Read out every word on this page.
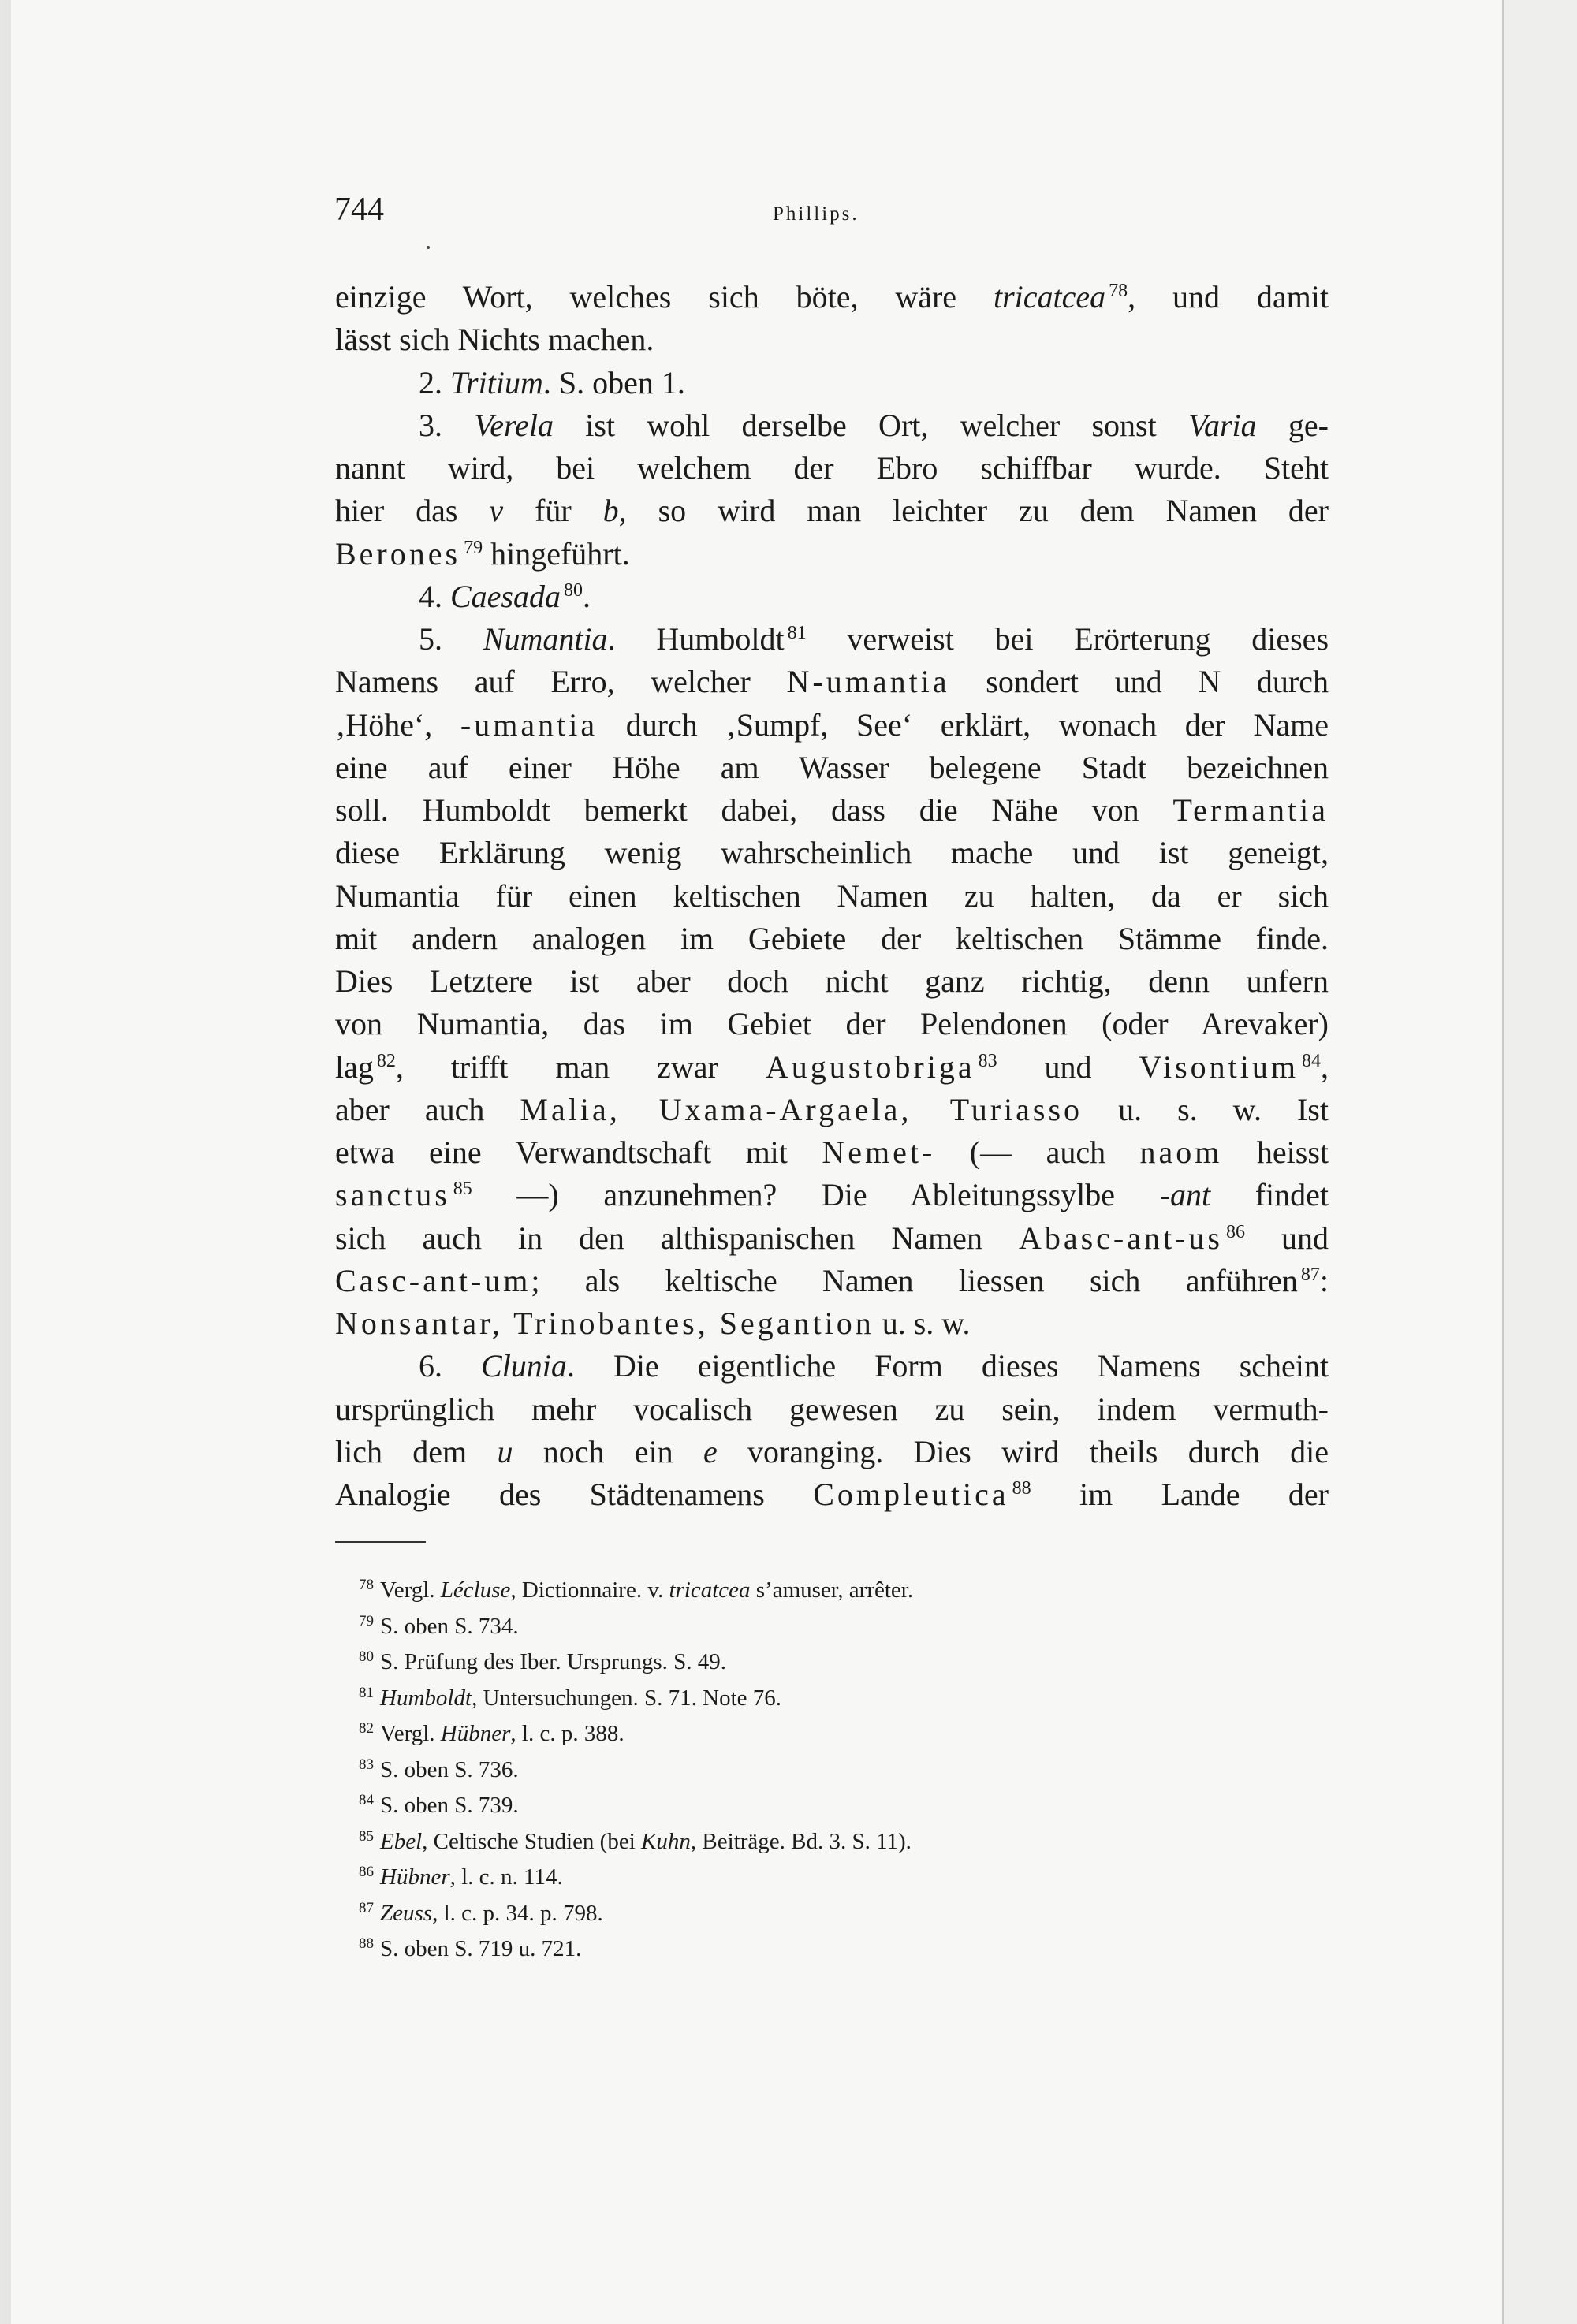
744	Phillips.
einzige Wort, welches sich böte, wäre tricatcea $^{78}$, und damit
lässt sich Nichts machen.
2. Tritium. S. oben 1.
3. Verela ist wohl derselbe Ort, welcher sonst Varia ge-
nannt wird, bei welchem der Ebro schiffbar wurde. Steht
hier das v für b, so wird man leichter zu dem Namen der
Berones $^{79}$ hingeführt.
4. Caesada $^{80}$.
5. Numantia. Humboldt $^{81}$ verweist bei Erörterung dieses
Namens auf Erro, welcher N-umantia sondert und N durch
‚Höhe‘, -umantia durch ‚Sumpf, See‘ erklärt, wonach der Name
eine auf einer Höhe am Wasser belegene Stadt bezeichnen
soll. Humboldt bemerkt dabei, dass die Nähe von Termantia
diese Erklärung wenig wahrscheinlich mache und ist geneigt,
Numantia für einen keltischen Namen zu halten, da er sich
mit andern analogen im Gebiete der keltischen Stämme finde.
Dies Letztere ist aber doch nicht ganz richtig, denn unfern
von Numantia, das im Gebiet der Pelendonen (oder Arevaker)
lag $^{82}$, trifft man zwar Augustobriga $^{83}$ und Visontium $^{84}$,
aber auch Malia, Uxama-Argaela, Turiasso u. s. w. Ist
etwa eine Verwandtschaft mit Nemet- (— auch naom heisst
sanctus $^{85}$ —) anzunehmen? Die Ableitungssylbe -ant findet
sich auch in den althispanischen Namen Abasc-ant-us $^{86}$ und
Casc-ant-um; als keltische Namen liessen sich anführen $^{87}$:
Nonsantar, Trinobantes, Segantion u. s. w.
6. Clunia. Die eigentliche Form dieses Namens scheint
ursprünglich mehr vocalisch gewesen zu sein, indem vermuth-
lich dem u noch ein e voranging. Dies wird theils durch die
Analogie des Städtenamens Compleutica $^{88}$ im Lande der
$^{78}$ Vergl. Lécluse, Dictionnaire. v. tricatcea s’amuser, arrêter.
$^{79}$ S. oben S. 734.
$^{80}$ S. Prüfung des Iber. Ursprungs. S. 49.
$^{81}$ Humboldt, Untersuchungen. S. 71. Note 76.
$^{82}$ Vergl. Hübner, l. c. p. 388.
$^{83}$ S. oben S. 736.
$^{84}$ S. oben S. 739.
$^{85}$ Ebel, Celtische Studien (bei Kuhn, Beiträge. Bd. 3. S. 11).
$^{86}$ Hübner, l. c. n. 114.
$^{87}$ Zeuss, l. c. p. 34. p. 798.
$^{88}$ S. oben S. 719 u. 721.
